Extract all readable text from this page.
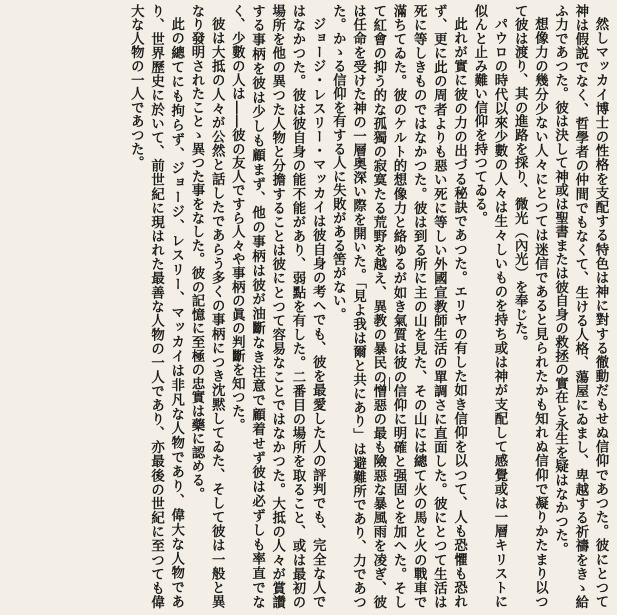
然しマッカイ博士の性格を支配する特色は神に對する徹動だもせぬ信仰であつた。彼にとつて神は假説でなく、哲學者の仲間でもなくて、生ける人格、蕩屋にゐまし、卑越する祈禱をきゝ給ふ力であつた。彼は決して神或は聖書または彼自身の救拯の實在と永生を疑はなかつた。

想像力の幾分少ない人々にとつては迷信であると見られたかも知れぬ信仰で凝りかたまり以つて彼は渡り、其の進路を採り、微光（內光）を奉じた。

パウロの時代以來少數の人々は生々しいものを持ち或は神が支配して感覺或は一層キリストに似んと止み難い信仰を持つてゐる。

此れが實に彼の力の出づる秘訣であつた。エリヤの有した如き信仰を以つて、人も恐懼も恐れず、更に此の周者よりも惡い死に等しい外國宣教師生活の單調さに直面した。彼にとつて生活は死に等しきものではなかつた。彼は到る所に主の山を見た、その山には總て火の馬と火の戰車で滿ちてゐた。彼のケルト的想像力と絡ゆるが如き氣質は彼の信仰に明確と强固とを加へた。そして紅會の抑う的な孤獨の寂寞たる荒野を越え、異教の暴民の憎惡の最も險惡な暴風雨を凌ぎ、彼は任命を受けた神の一層奥深い際を開いた。「見よ我は爾と共にあり」は避難所であり、力であつた。かゝる信仰を有する人に失敗がある筈がない。

ジョージ・レスリー・マッカイは彼自身の考へでも、彼を最愛した人の評判でも、完全な人ではなかつた。彼は彼自身の能不能があり、弱點を有した。二番目の場所を取ること、或は最初の場所を他の異つた人物と分擔することは彼にとつて容易なことではなかつた。大抵の人々が賞讚する事柄を彼は少しも顧まず、他の事柄は彼が油斷なき注意で顧着せず彼は必ずしも率直でなく、少數の人は――彼の友人ですら人々や事柄の眞の判斷を知つた。

彼は大抵の人々が公然と話したであらう多くの事柄につき沈黙してゐた、そして彼は一般と異なり發明されたことゝ異つた事をなした。彼の記憶に至極の忠實は藥に認める。

此の總てにも拘らず、ジョージ、レスリー、マッカイは非凡な人物であり、偉大な人物であり、世界歷史に於いて、前世紀に現はれた最善な人物の一人であり、亦最後の世紀に至つても偉大な人物の一人であつた。
